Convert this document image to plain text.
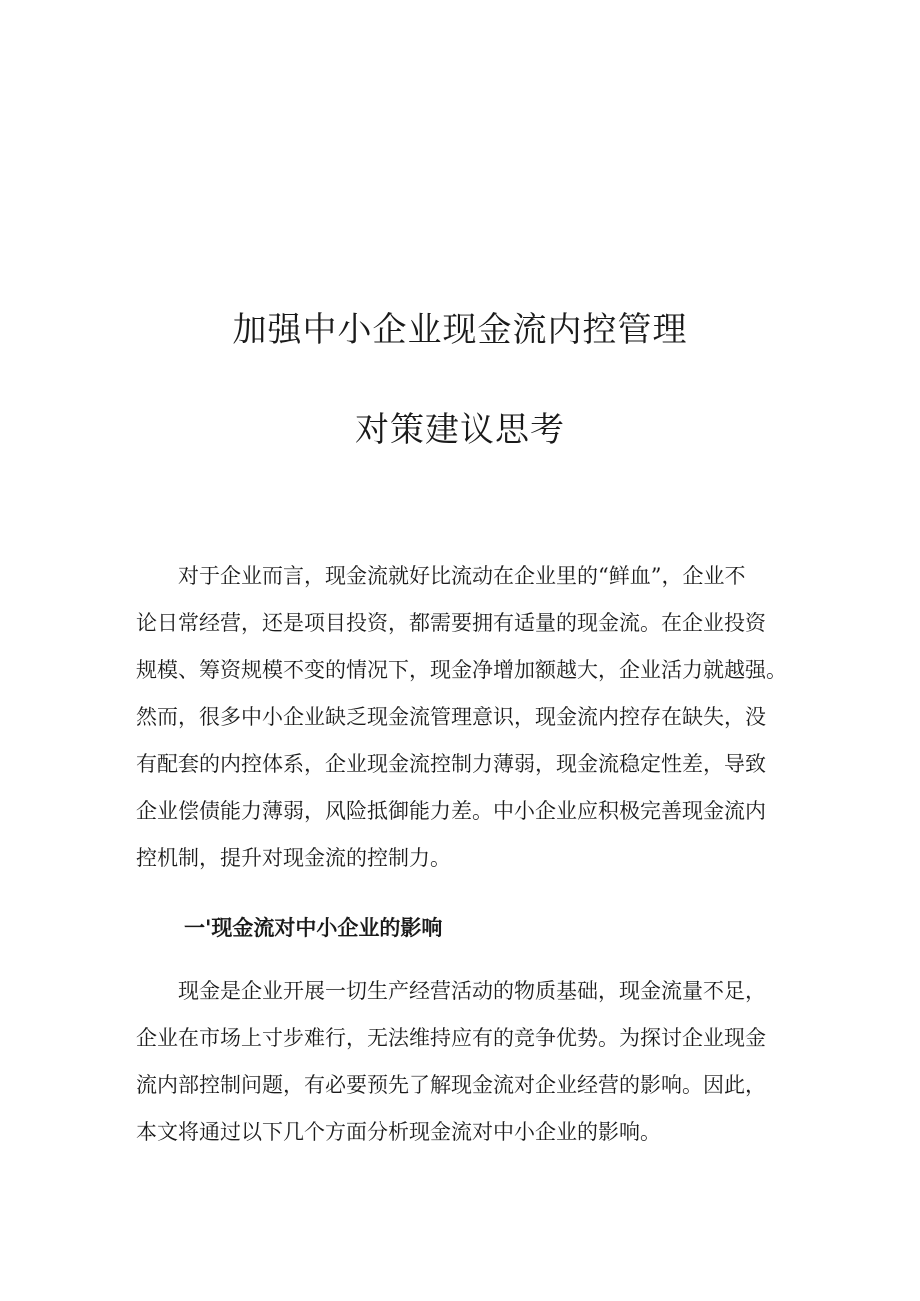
加强中小企业现金流内控管理
对策建议思考

　　对于企业而言，现金流就好比流动在企业里的“鲜血”，企业不
论日常经营，还是项目投资，都需要拥有适量的现金流。在企业投资
规模、筹资规模不变的情况下，现金净增加额越大，企业活力就越强。
然而，很多中小企业缺乏现金流管理意识，现金流内控存在缺失，没
有配套的内控体系，企业现金流控制力薄弱，现金流稳定性差，导致
企业偿债能力薄弱，风险抵御能力差。中小企业应积极完善现金流内
控机制，提升对现金流的控制力。

一'现金流对中小企业的影响

　　现金是企业开展一切生产经营活动的物质基础，现金流量不足，
企业在市场上寸步难行，无法维持应有的竞争优势。为探讨企业现金
流内部控制问题，有必要预先了解现金流对企业经营的影响。因此，
本文将通过以下几个方面分析现金流对中小企业的影响。
